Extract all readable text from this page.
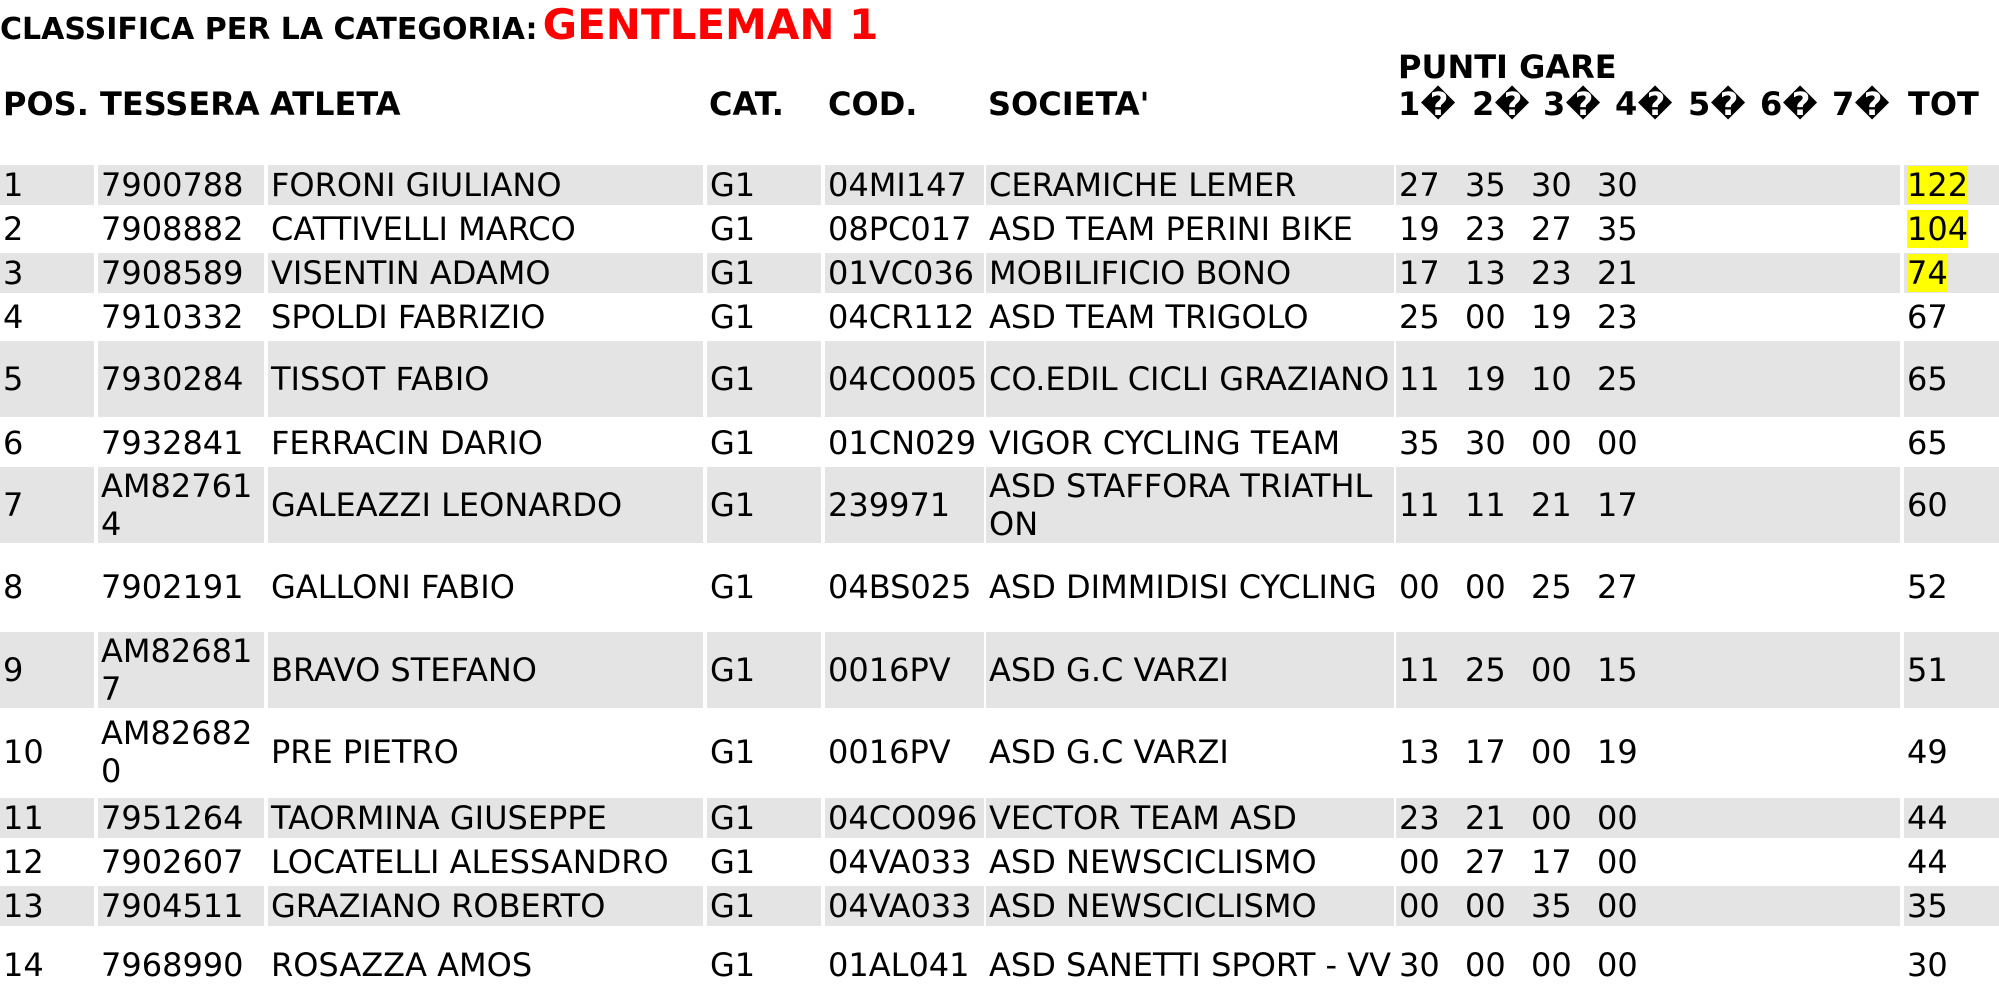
CLASSIFICA PER LA CATEGORIA: GENTLEMAN 1
PUNTI GARE
POS. TESSERA ATLETA	CAT. COD. SOCIETA'	1� 2� 3� 4� 5� 6� 7� TOT
1 7900788 FORONI GIULIANO	G1 04MI147 CERAMICHE LEMER	27 35 30 30	122
2 7908882 CATTIVELLI MARCO	G1 08PC017 ASD TEAM PERINI BIKE 19 23 27 35	104
3 7908589 VISENTIN ADAMO	G1 01VC036 MOBILIFICIO BONO	17 13 23 21	74
4 7910332 SPOLDI FABRIZIO	G1 04CR112 ASD TEAM TRIGOLO	25 00 19 23	67
5 7930284 TISSOT FABIO	G1 04CO005 CO.EDIL CICLI GRAZIANO 11 19 10 25	65
6 7932841 FERRACIN DARIO	G1 01CN029 VIGOR CYCLING TEAM 35 30 00 00	65
7 AM827614	GALEAZZI LEONARDO	G1 239971 ASD STAFFORA TRIATHLON	11 11 21 17	60
8 7902191 GALLONI FABIO	G1 04BS025 ASD DIMMIDISI CYCLING 00 00 25 27	52
9 AM826817	BRAVO STEFANO	G1 0016PV ASD G.C VARZI	11 25 00 15	51
10 AM826820	PRE PIETRO	G1 0016PV ASD G.C VARZI	13 17 00 19	49
11 7951264 TAORMINA GIUSEPPE	G1 04CO096 VECTOR TEAM ASD	23 21 00 00	44
12 7902607 LOCATELLI ALESSANDRO G1 04VA033 ASD NEWSCICLISMO	00 27 17 00	44
13 7904511 GRAZIANO ROBERTO	G1 04VA033 ASD NEWSCICLISMO	00 00 35 00	35
14 7968990 ROSAZZA AMOS	G1 01AL041 ASD SANETTI SPORT - VV 30 00 00 00	30
